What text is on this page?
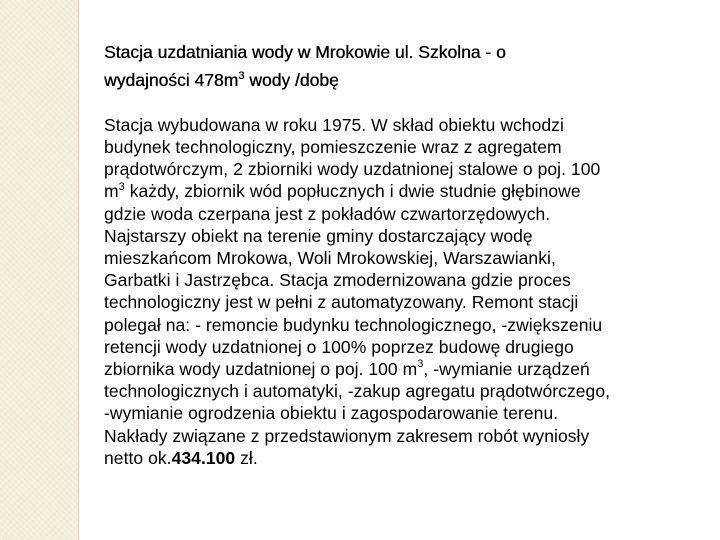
Stacja uzdatniania wody w Mrokowie ul. Szkolna - o
wydajności $478m^3$ wody /dobę
Stacja wybudowana w roku 1975. W skład obiektu wchodzi
budynek technologiczny, pomieszczenie wraz z agregatem
prądotwórczym, 2 zbiorniki wody uzdatnionej stalowe o poj. 100
$m^3$ każdy, zbiornik wód popłucznych i dwie studnie głębinowe
gdzie woda czerpana jest z pokładów czwartorzędowych.
Najstarszy obiekt na terenie gminy dostarczający wodę
mieszkańcom Mrokowa, Woli Mrokowskiej, Warszawianki,
Garbatki i Jastrzębca. Stacja zmodernizowana gdzie proces
technologiczny jest w pełni z automatyzowany. Remont stacji
polegał na: - remoncie budynku technologicznego, -zwiększeniu
retencji wody uzdatnionej o 100% poprzez budowę drugiego
zbiornika wody uzdatnionej o poj. 100 $m^3$, -wymianie urządzeń
technologicznych i automatyki, -zakup agregatu prądotwórczego,
-wymianie ogrodzenia obiektu i zagospodarowanie terenu.
Nakłady związane z przedstawionym zakresem robót wyniosły
netto ok.434.100 zł.
